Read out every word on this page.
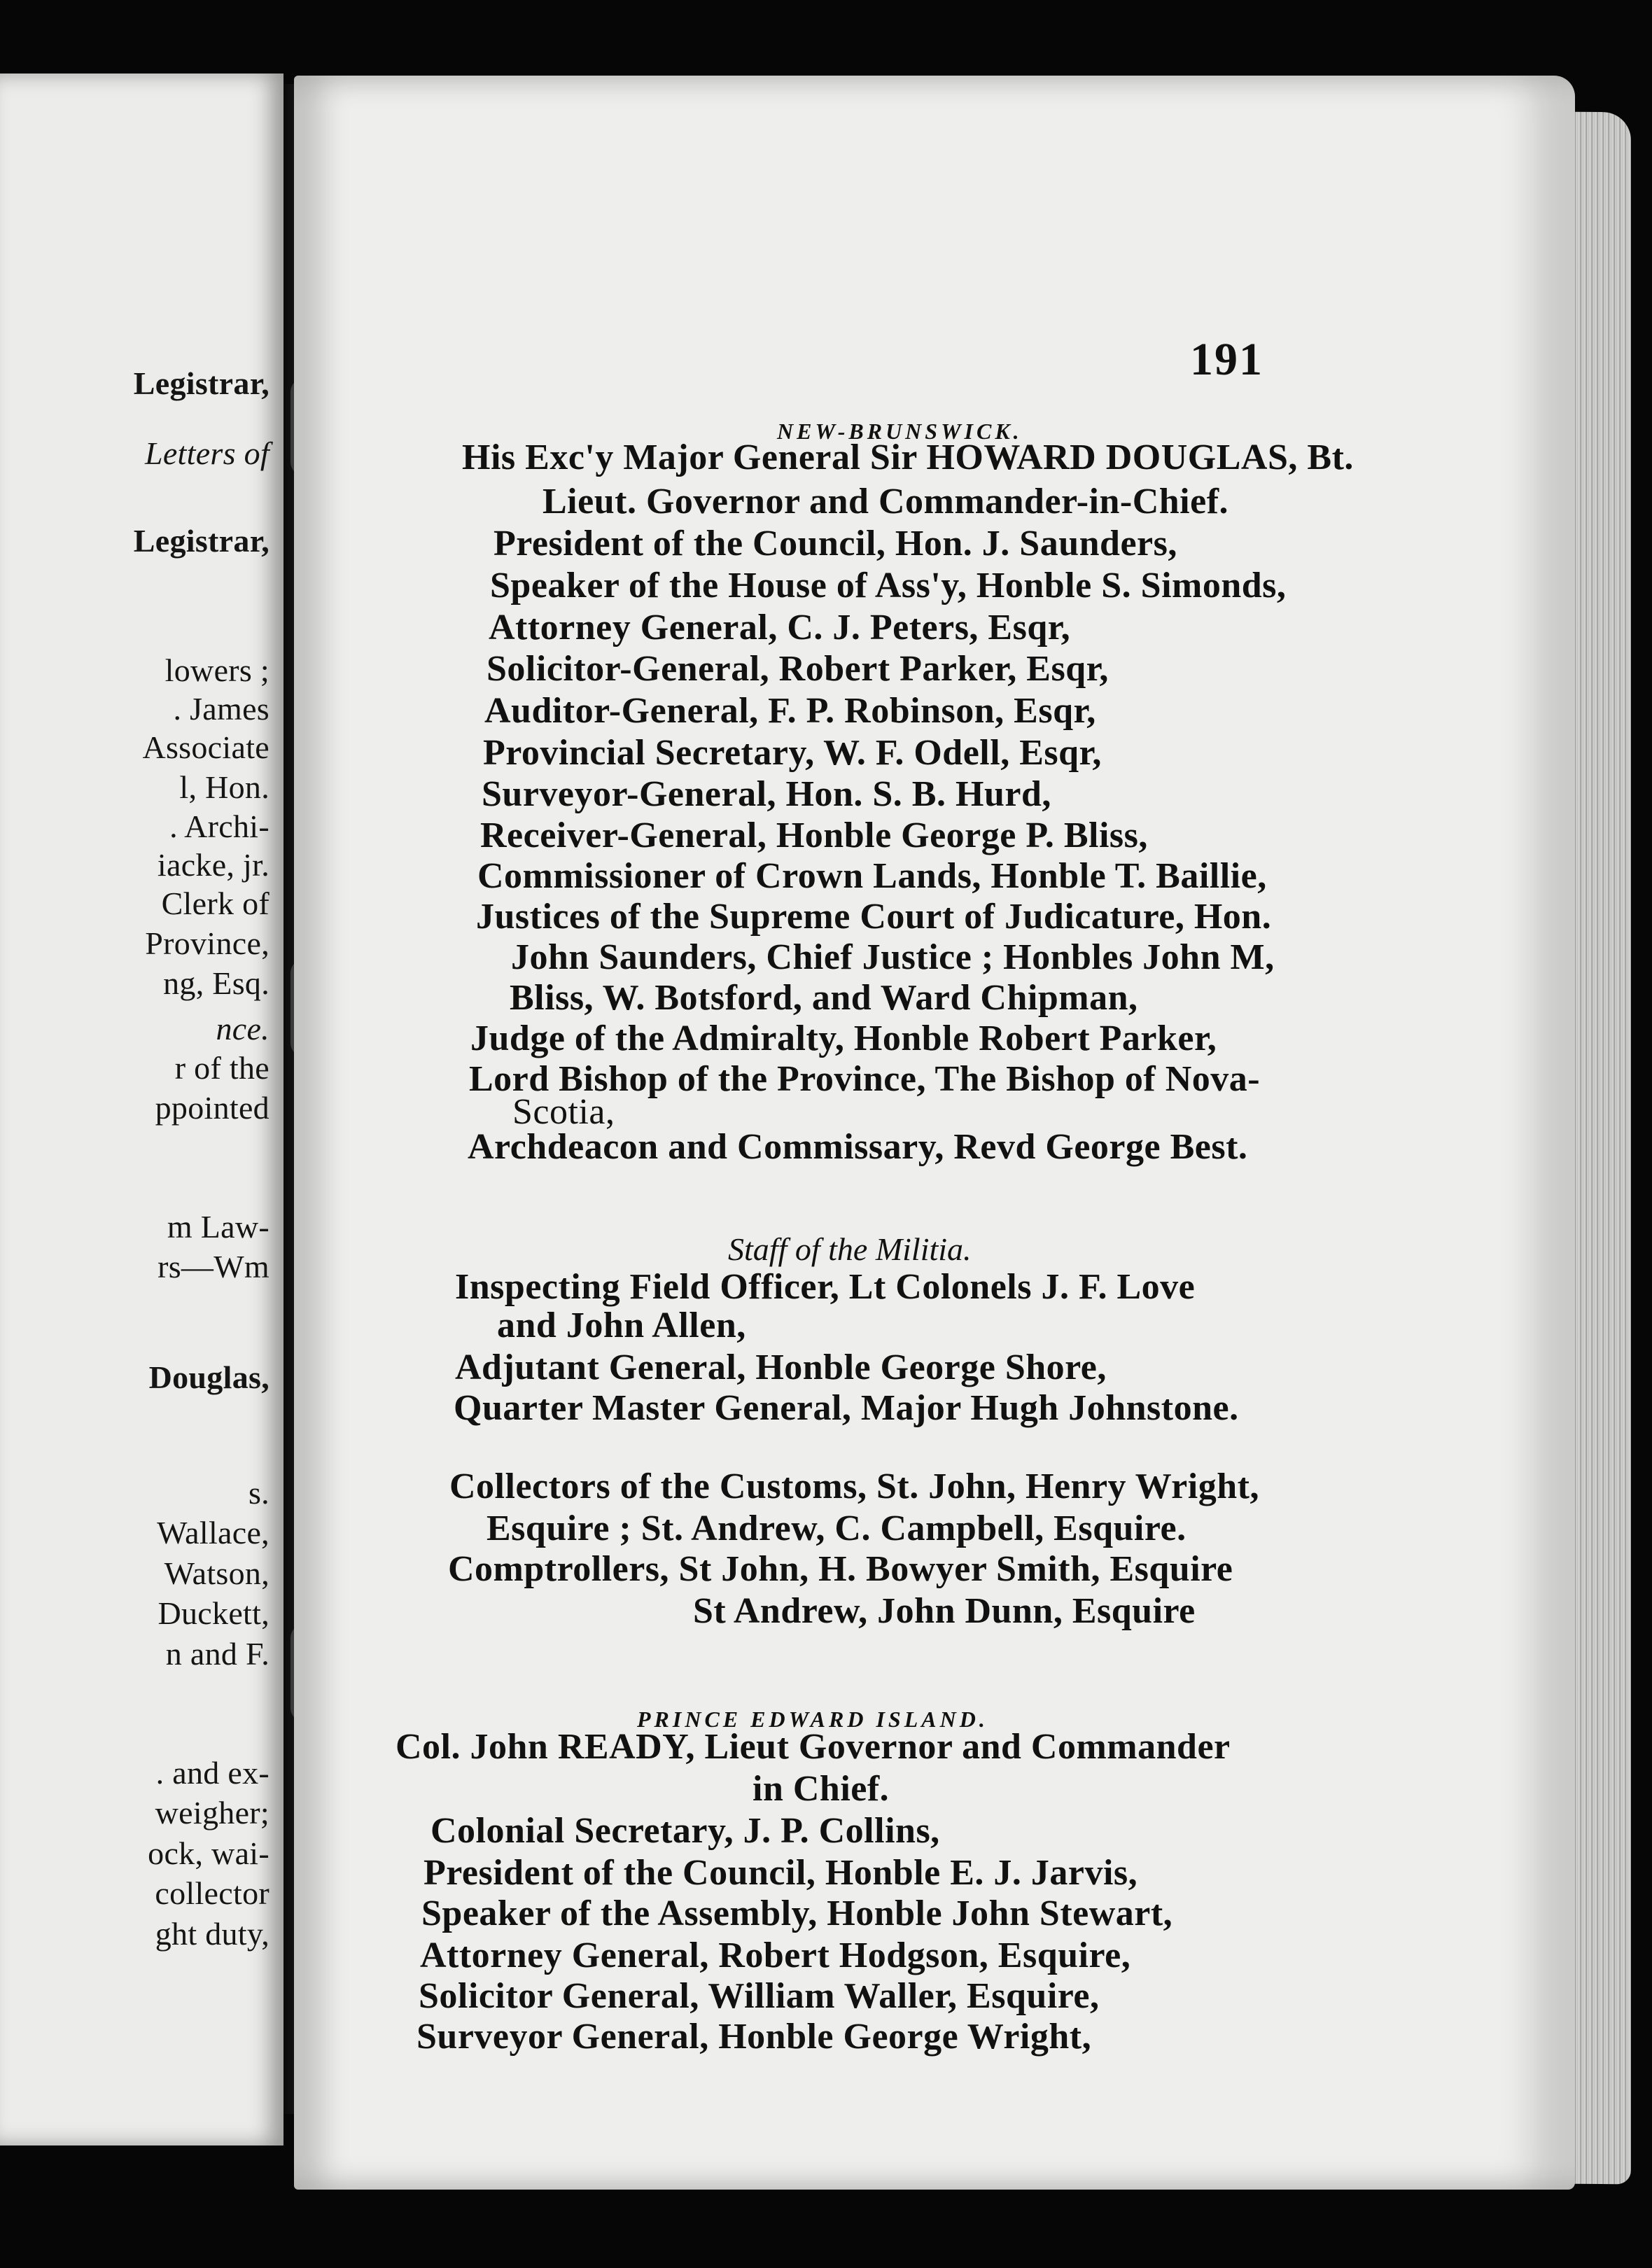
Legistrar,
Letters of
Legistrar,
lowers ;
. James
Associate
l, Hon.
. Archi-
iacke, jr.
Clerk of
Province,
ng, Esq.
nce.
r of the
ppointed
m Law-
rs—Wm
Douglas,
s.
Wallace,
Watson,
Duckett,
n and F.
. and ex-
weigher;
ock, wai-
collector
ght duty,
191
NEW-BRUNSWICK.
His Exc'y Major General Sir HOWARD DOUGLAS, Bt.
Lieut. Governor and Commander-in-Chief.
President of the Council, Hon. J. Saunders,
Speaker of the House of Ass'y, Honble S. Simonds,
Attorney General, C. J. Peters, Esqr,
Solicitor-General, Robert Parker, Esqr,
Auditor-General, F. P. Robinson, Esqr,
Provincial Secretary, W. F. Odell, Esqr,
Surveyor-General, Hon. S. B. Hurd,
Receiver-General, Honble George P. Bliss,
Commissioner of Crown Lands, Honble T. Baillie,
Justices of the Supreme Court of Judicature, Hon.
John Saunders, Chief Justice ; Honbles John M,
Bliss, W. Botsford, and Ward Chipman,
Judge of the Admiralty, Honble Robert Parker,
Lord Bishop of the Province, The Bishop of Nova-
Scotia,
Archdeacon and Commissary, Revd George Best.
Staff of the Militia.
Inspecting Field Officer, Lt Colonels J. F. Love
and John Allen,
Adjutant General, Honble George Shore,
Quarter Master General, Major Hugh Johnstone.
Collectors of the Customs, St. John, Henry Wright,
Esquire ; St. Andrew, C. Campbell, Esquire.
Comptrollers, St John, H. Bowyer Smith, Esquire
St Andrew, John Dunn, Esquire
PRINCE EDWARD ISLAND.
Col. John READY, Lieut Governor and Commander
in Chief.
Colonial Secretary, J. P. Collins,
President of the Council, Honble E. J. Jarvis,
Speaker of the Assembly, Honble John Stewart,
Attorney General, Robert Hodgson, Esquire,
Solicitor General, William Waller, Esquire,
Surveyor General, Honble George Wright,
